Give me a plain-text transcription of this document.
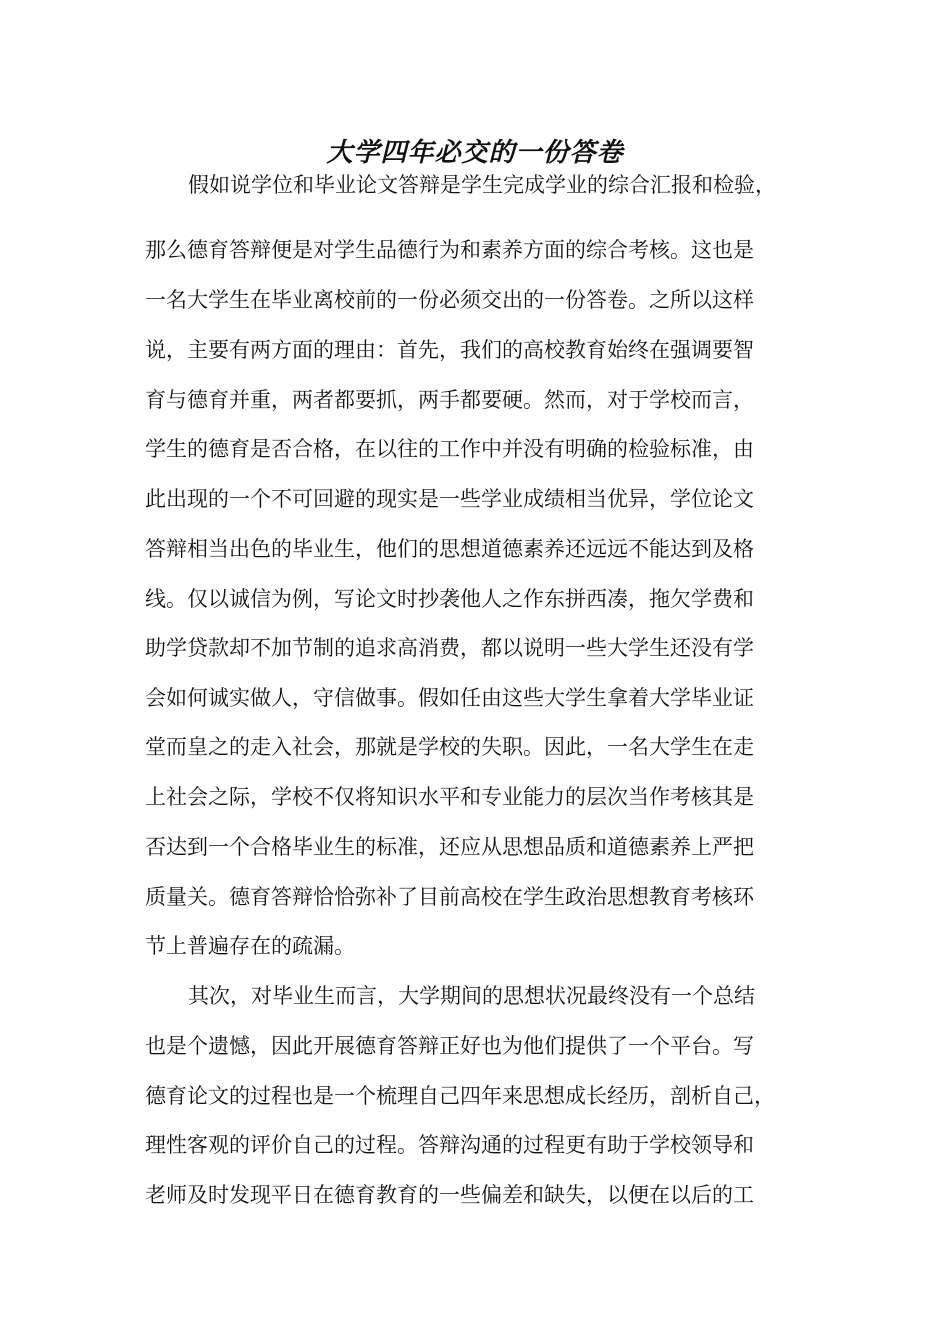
大学四年必交的一份答卷
假如说学位和毕业论文答辩是学生完成学业的综合汇报和检验，
那么德育答辩便是对学生品德行为和素养方面的综合考核。这也是
一名大学生在毕业离校前的一份必须交出的一份答卷。之所以这样
说，主要有两方面的理由：首先，我们的高校教育始终在强调要智
育与德育并重，两者都要抓，两手都要硬。然而，对于学校而言，
学生的德育是否合格，在以往的工作中并没有明确的检验标准，由
此出现的一个不可回避的现实是一些学业成绩相当优异，学位论文
答辩相当出色的毕业生，他们的思想道德素养还远远不能达到及格
线。仅以诚信为例，写论文时抄袭他人之作东拼西凑，拖欠学费和
助学贷款却不加节制的追求高消费，都以说明一些大学生还没有学
会如何诚实做人，守信做事。假如任由这些大学生拿着大学毕业证
堂而皇之的走入社会，那就是学校的失职。因此，一名大学生在走
上社会之际，学校不仅将知识水平和专业能力的层次当作考核其是
否达到一个合格毕业生的标准，还应从思想品质和道德素养上严把
质量关。德育答辩恰恰弥补了目前高校在学生政治思想教育考核环
节上普遍存在的疏漏。
其次，对毕业生而言，大学期间的思想状况最终没有一个总结
也是个遗憾，因此开展德育答辩正好也为他们提供了一个平台。写
德育论文的过程也是一个梳理自己四年来思想成长经历，剖析自己，
理性客观的评价自己的过程。答辩沟通的过程更有助于学校领导和
老师及时发现平日在德育教育的一些偏差和缺失，以便在以后的工
